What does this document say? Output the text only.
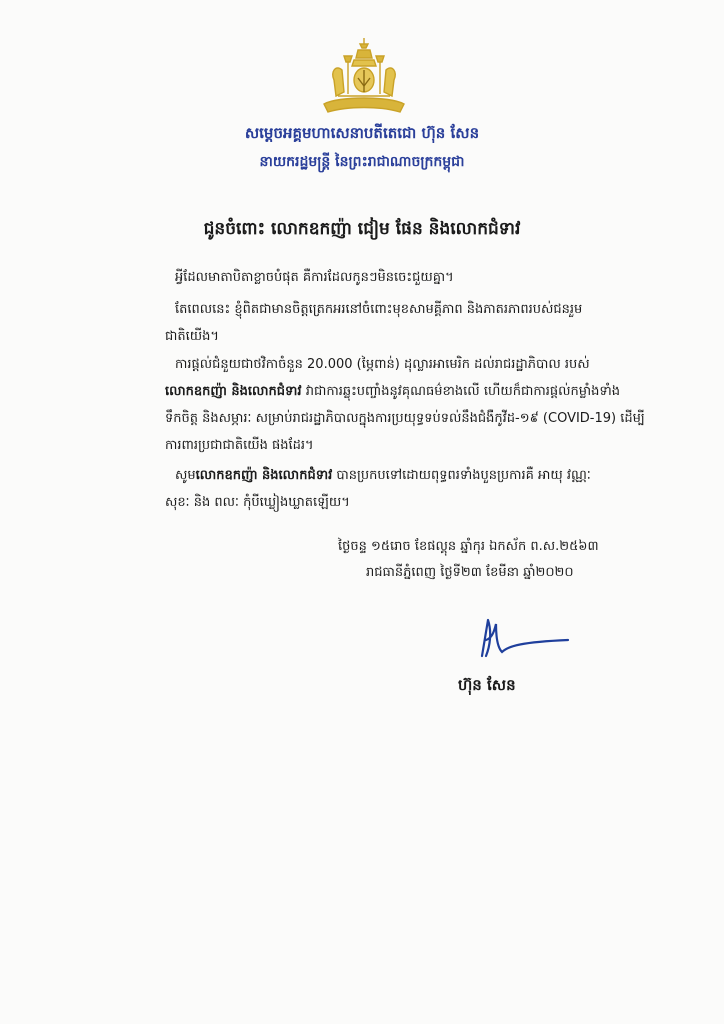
សម្តេចអគ្គមហាសេនាបតីតេជោ ហ៊ុន សែន
នាយករដ្ឋមន្ត្រី នៃព្រះរាជាណាចក្រកម្ពុជា
ជូនចំពោះ លោកឧកញ៉ា ជៀម ផែន និងលោកជំទាវ
អ្វីដែលមាតាបិតាខ្លាចបំផុត គឺការដែលកូនៗមិនចេះជួយគ្នា។
តែពេលនេះ ខ្ញុំពិតជាមានចិត្តត្រេកអរនៅចំពោះមុខសាមគ្គីភាព និងភាតរភាពរបស់ជនរួម
ជាតិយើង។
ការផ្តល់ជំនួយជាថវិកាចំនួន 20.000 (ម្ភៃពាន់) ដុល្លារអាមេរិក ដល់រាជរដ្ឋាភិបាល របស់
លោកឧកញ៉ា និងលោកជំទាវ វាជាការឆ្លុះបញ្ចាំងនូវគុណធម៌ខាងលើ ហើយក៏ជាការផ្តល់កម្លាំងទាំង
ទឹកចិត្ត និងសម្ភារៈ សម្រាប់រាជរដ្ឋាភិបាលក្នុងការប្រយុទ្ធទប់ទល់នឹងជំងឺកូវីដ-១៩ (COVID-19) ដើម្បី
ការពារប្រជាជាតិយើង ផងដែរ។
សូមលោកឧកញ៉ា និងលោកជំទាវ បានប្រកបទៅដោយពុទ្ធពរទាំងបួនប្រការគឺ អាយុ វណ្ណៈ
សុខៈ និង ពលៈ កុំបីឃ្លៀងឃ្លាតឡើយ។
ថ្ងៃចន្ទ ១៥រោច ខែផល្គុន ឆ្នាំកុរ ឯកស័ក ព.ស.២៥៦៣
រាជធានីភ្នំពេញ ថ្ងៃទី២៣ ខែមីនា ឆ្នាំ២០២០
ហ៊ុន សែន
